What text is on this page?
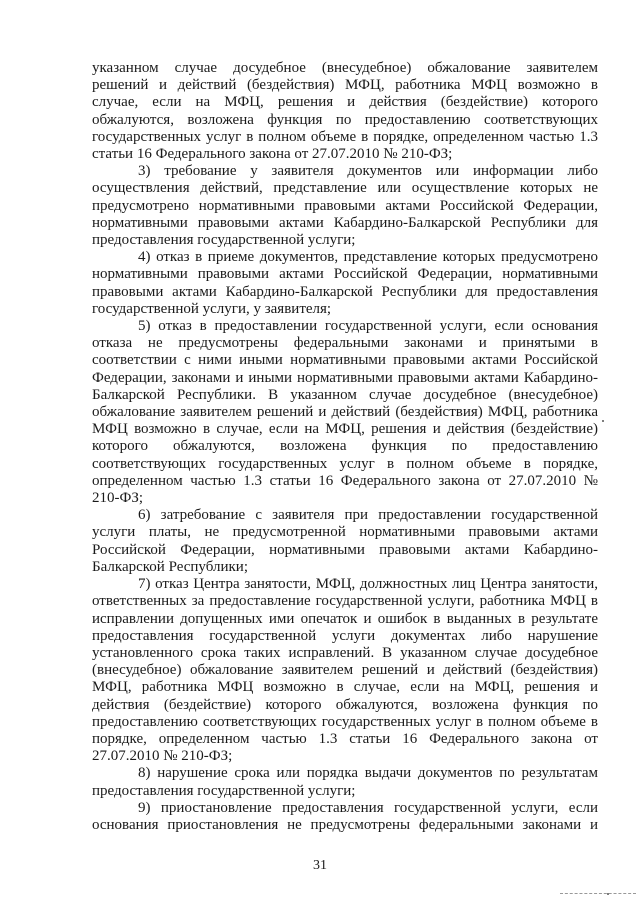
указанном случае досудебное (внесудебное) обжалование заявителем

решений и действий (бездействия) МФЦ, работника МФЦ возможно в

случае, если на МФЦ, решения и действия (бездействие) которого

обжалуются, возложена функция по предоставлению соответствующих

государственных услуг в полном объеме в порядке, определенном частью 1.3

статьи 16 Федерального закона от 27.07.2010 № 210-ФЗ;

3) требование у заявителя документов или информации либо

осуществления действий, представление или осуществление которых не

предусмотрено нормативными правовыми актами Российской Федерации,

нормативными правовыми актами Кабардино-Балкарской Республики для

предоставления государственной услуги;

4) отказ в приеме документов, представление которых предусмотрено

нормативными правовыми актами Российской Федерации, нормативными

правовыми актами Кабардино-Балкарской Республики для предоставления

государственной услуги, у заявителя;

5) отказ в предоставлении государственной услуги, если основания

отказа не предусмотрены федеральными законами и принятыми в

соответствии с ними иными нормативными правовыми актами Российской

Федерации, законами и иными нормативными правовыми актами Кабардино-

Балкарской Республики. В указанном случае досудебное (внесудебное)

обжалование заявителем решений и действий (бездействия) МФЦ, работника

МФЦ возможно в случае, если на МФЦ, решения и действия (бездействие)

которого обжалуются, возложена функция по предоставлению

соответствующих государственных услуг в полном объеме в порядке,

определенном частью 1.3 статьи 16 Федерального закона от 27.07.2010 №

210-ФЗ;

6) затребование с заявителя при предоставлении государственной

услуги платы, не предусмотренной нормативными правовыми актами

Российской Федерации, нормативными правовыми актами Кабардино-

Балкарской Республики;

7) отказ Центра занятости, МФЦ, должностных лиц Центра занятости,

ответственных за предоставление государственной услуги, работника МФЦ в

исправлении допущенных ими опечаток и ошибок в выданных в результате

предоставления государственной услуги документах либо нарушение

установленного срока таких исправлений. В указанном случае досудебное

(внесудебное) обжалование заявителем решений и действий (бездействия)

МФЦ, работника МФЦ возможно в случае, если на МФЦ, решения и

действия (бездействие) которого обжалуются, возложена функция по

предоставлению соответствующих государственных услуг в полном объеме в

порядке, определенном частью 1.3 статьи 16 Федерального закона от

27.07.2010 № 210-ФЗ;

8) нарушение срока или порядка выдачи документов по результатам

предоставления государственной услуги;

9) приостановление предоставления государственной услуги, если

основания приостановления не предусмотрены федеральными законами и

31
